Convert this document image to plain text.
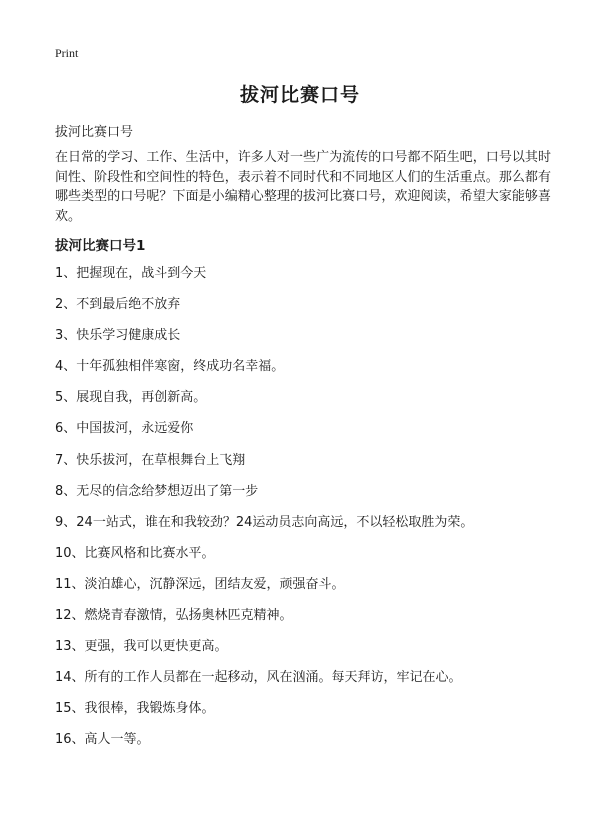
Print
拔河比赛口号

拔河比赛口号

在日常的学习、工作、生活中，许多人对一些广为流传的口号都不陌生吧，口号以其时间性、阶段性和空间性的特色，表示着不同时代和不同地区人们的生活重点。那么都有哪些类型的口号呢？下面是小编精心整理的拔河比赛口号，欢迎阅读，希望大家能够喜欢。

拔河比赛口号1
1、把握现在，战斗到今天
2、不到最后绝不放弃
3、快乐学习健康成长
4、十年孤独相伴寒窗，终成功名幸福。
5、展现自我，再创新高。
6、中国拔河，永远爱你
7、快乐拔河，在草根舞台上飞翔
8、无尽的信念给梦想迈出了第一步
9、24一站式，谁在和我较劲？24运动员志向高远，不以轻松取胜为荣。
10、比赛风格和比赛水平。
11、淡泊雄心，沉静深远，团结友爱，顽强奋斗。
12、燃烧青春激情，弘扬奥林匹克精神。
13、更强，我可以更快更高。
14、所有的工作人员都在一起移动，风在汹涌。每天拜访，牢记在心。
15、我很棒，我锻炼身体。
16、高人一等。
